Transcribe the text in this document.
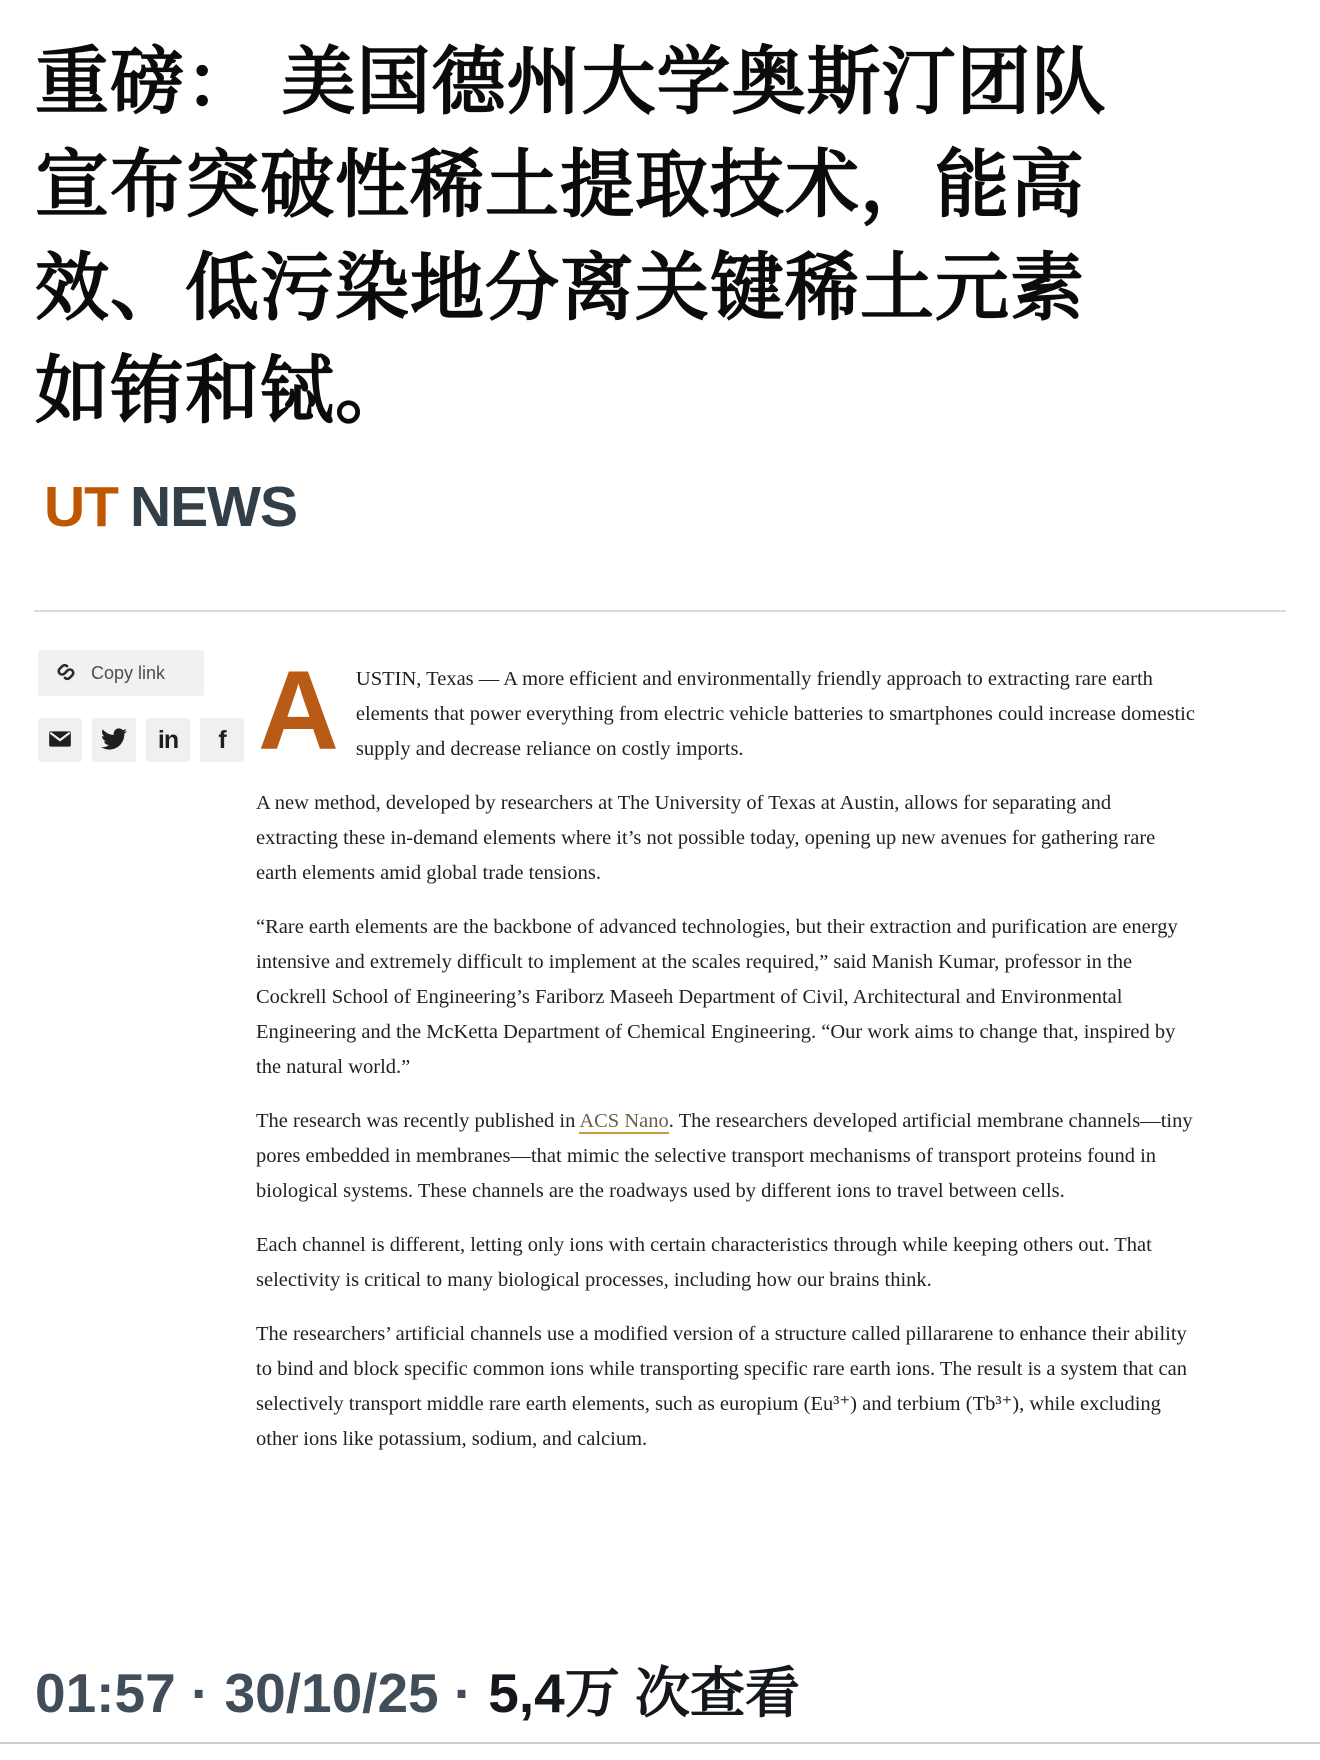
重磅： 美国德州大学奥斯汀团队
宣布突破性稀土提取技术，能高
效、低污染地分离关键稀土元素
如铕和铽。
UT NEWS
Copy link
in f AUSTIN, Texas — A more efficient and environmentally friendly approach to extracting rare earth elements that power everything from electric vehicle batteries to smartphones could increase domestic supply and decrease reliance on costly imports.

A new method, developed by researchers at The University of Texas at Austin, allows for separating and extracting these in-demand elements where it’s not possible today, opening up new avenues for gathering rare earth elements amid global trade tensions.

“Rare earth elements are the backbone of advanced technologies, but their extraction and purification are energy intensive and extremely difficult to implement at the scales required,” said Manish Kumar, professor in the Cockrell School of Engineering’s Fariborz Maseeh Department of Civil, Architectural and Environmental Engineering and the McKetta Department of Chemical Engineering. “Our work aims to change that, inspired by the natural world.”

The research was recently published in ACS Nano. The researchers developed artificial membrane channels—tiny pores embedded in membranes—that mimic the selective transport mechanisms of transport proteins found in biological systems. These channels are the roadways used by different ions to travel between cells.

Each channel is different, letting only ions with certain characteristics through while keeping others out. That selectivity is critical to many biological processes, including how our brains think.

The researchers’ artificial channels use a modified version of a structure called pillararene to enhance their ability to bind and block specific common ions while transporting specific rare earth ions. The result is a system that can selectively transport middle rare earth elements, such as europium (Eu³⁺) and terbium (Tb³⁺), while excluding other ions like potassium, sodium, and calcium.

01:57 · 30/10/25 · 5,4万 次查看
